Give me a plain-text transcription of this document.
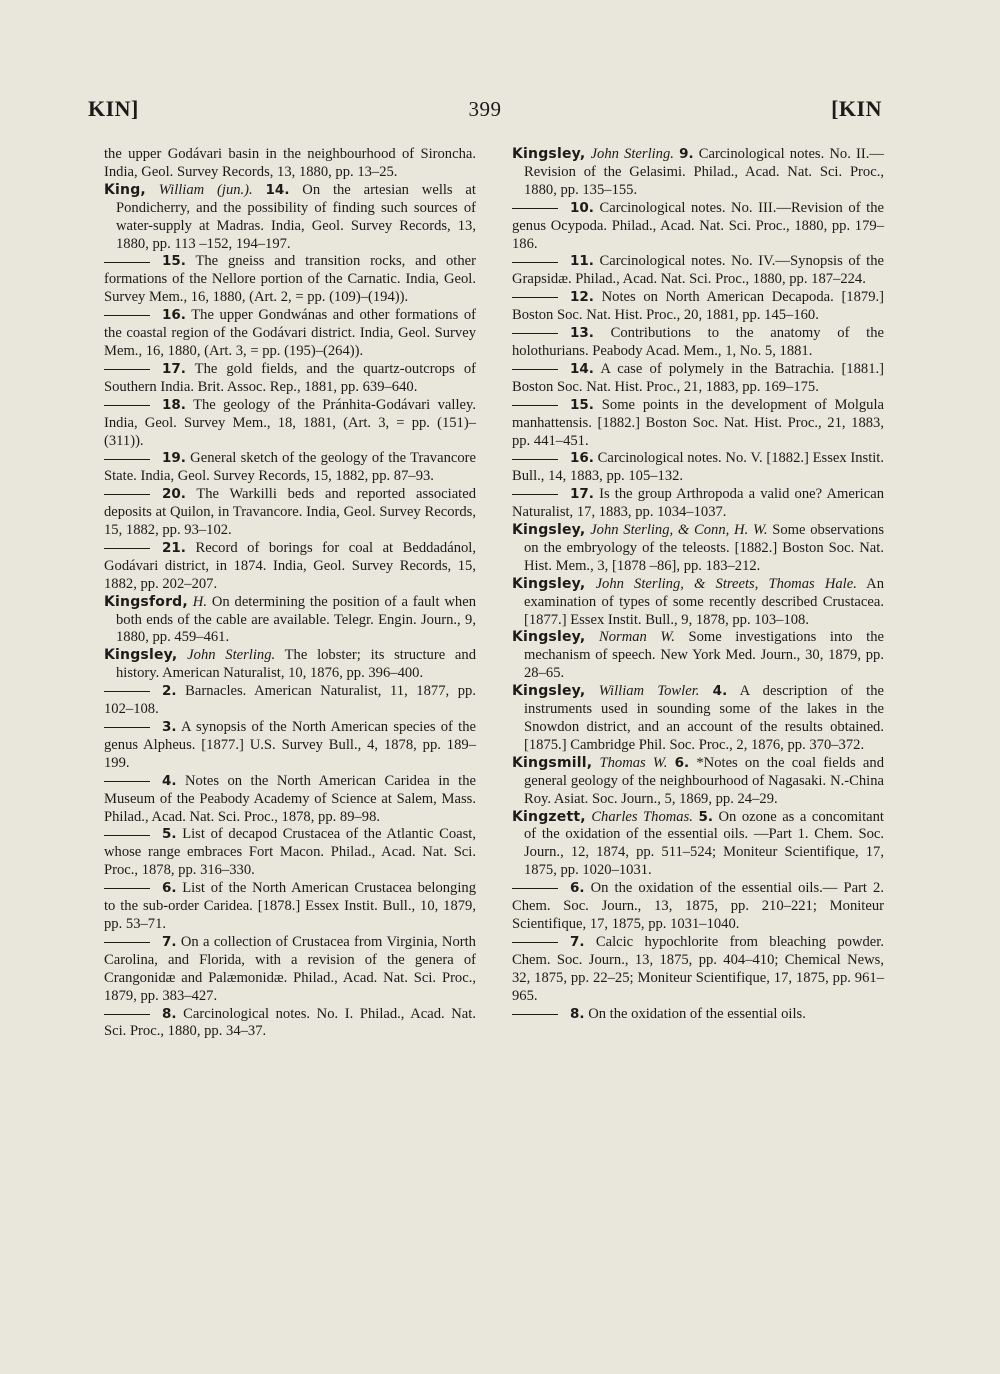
KIN]	399	[KIN

the upper Godávari basin in the neighbourhood of Sironcha. India, Geol. Survey Records, 13, 1880, pp. 13–25.

King, William (jun.). 14. On the artesian wells at Pondicherry, and the possibility of finding such sources of water-supply at Madras. India, Geol. Survey Records, 13, 1880, pp. 113 –152, 194–197.

15. The gneiss and transition rocks, and other formations of the Nellore portion of the Carnatic. India, Geol. Survey Mem., 16, 1880, (Art. 2, = pp. (109)–(194)).

16. The upper Gondwánas and other formations of the coastal region of the Godávari district. India, Geol. Survey Mem., 16, 1880, (Art. 3, = pp. (195)–(264)).

17. The gold fields, and the quartz-outcrops of Southern India. Brit. Assoc. Rep., 1881, pp. 639–640.

18. The geology of the Pránhita-Godávari valley. India, Geol. Survey Mem., 18, 1881, (Art. 3, = pp. (151)–(311)).

19. General sketch of the geology of the Travancore State. India, Geol. Survey Records, 15, 1882, pp. 87–93.

20. The Warkilli beds and reported associated deposits at Quilon, in Travancore. India, Geol. Survey Records, 15, 1882, pp. 93–102.

21. Record of borings for coal at Beddadánol, Godávari district, in 1874. India, Geol. Survey Records, 15, 1882, pp. 202–207.

Kingsford, H. On determining the position of a fault when both ends of the cable are available. Telegr. Engin. Journ., 9, 1880, pp. 459–461.

Kingsley, John Sterling. The lobster; its structure and history. American Naturalist, 10, 1876, pp. 396–400.

2. Barnacles. American Naturalist, 11, 1877, pp. 102–108.

3. A synopsis of the North American species of the genus Alpheus. [1877.] U.S. Survey Bull., 4, 1878, pp. 189–199.

4. Notes on the North American Caridea in the Museum of the Peabody Academy of Science at Salem, Mass. Philad., Acad. Nat. Sci. Proc., 1878, pp. 89–98.

5. List of decapod Crustacea of the Atlantic Coast, whose range embraces Fort Macon. Philad., Acad. Nat. Sci. Proc., 1878, pp. 316–330.

6. List of the North American Crustacea belonging to the sub-order Caridea. [1878.] Essex Instit. Bull., 10, 1879, pp. 53–71.

7. On a collection of Crustacea from Virginia, North Carolina, and Florida, with a revision of the genera of Crangonidæ and Palæmonidæ. Philad., Acad. Nat. Sci. Proc., 1879, pp. 383–427.

8. Carcinological notes. No. I. Philad., Acad. Nat. Sci. Proc., 1880, pp. 34–37.

Kingsley, John Sterling. 9. Carcinological notes. No. II.—Revision of the Gelasimi. Philad., Acad. Nat. Sci. Proc., 1880, pp. 135–155.

10. Carcinological notes. No. III.—Revision of the genus Ocypoda. Philad., Acad. Nat. Sci. Proc., 1880, pp. 179–186.

11. Carcinological notes. No. IV.—Synopsis of the Grapsidæ. Philad., Acad. Nat. Sci. Proc., 1880, pp. 187–224.

12. Notes on North American Decapoda. [1879.] Boston Soc. Nat. Hist. Proc., 20, 1881, pp. 145–160.

13. Contributions to the anatomy of the holothurians. Peabody Acad. Mem., 1, No. 5, 1881.

14. A case of polymely in the Batrachia. [1881.] Boston Soc. Nat. Hist. Proc., 21, 1883, pp. 169–175.

15. Some points in the development of Molgula manhattensis. [1882.] Boston Soc. Nat. Hist. Proc., 21, 1883, pp. 441–451.

16. Carcinological notes. No. V. [1882.] Essex Instit. Bull., 14, 1883, pp. 105–132.

17. Is the group Arthropoda a valid one? American Naturalist, 17, 1883, pp. 1034–1037.

Kingsley, John Sterling, & Conn, H. W. Some observations on the embryology of the teleosts. [1882.] Boston Soc. Nat. Hist. Mem., 3, [1878 –86], pp. 183–212.

Kingsley, John Sterling, & Streets, Thomas Hale. An examination of types of some recently described Crustacea. [1877.] Essex Instit. Bull., 9, 1878, pp. 103–108.

Kingsley, Norman W. Some investigations into the mechanism of speech. New York Med. Journ., 30, 1879, pp. 28–65.

Kingsley, William Towler. 4. A description of the instruments used in sounding some of the lakes in the Snowdon district, and an account of the results obtained. [1875.] Cambridge Phil. Soc. Proc., 2, 1876, pp. 370–372.

Kingsmill, Thomas W. 6. *Notes on the coal fields and general geology of the neighbourhood of Nagasaki. N.-China Roy. Asiat. Soc. Journ., 5, 1869, pp. 24–29.

Kingzett, Charles Thomas. 5. On ozone as a concomitant of the oxidation of the essential oils. —Part 1. Chem. Soc. Journ., 12, 1874, pp. 511–524; Moniteur Scientifique, 17, 1875, pp. 1020–1031.

6. On the oxidation of the essential oils.— Part 2. Chem. Soc. Journ., 13, 1875, pp. 210–221; Moniteur Scientifique, 17, 1875, pp. 1031–1040.

7. Calcic hypochlorite from bleaching powder. Chem. Soc. Journ., 13, 1875, pp. 404–410; Chemical News, 32, 1875, pp. 22–25; Moniteur Scientifique, 17, 1875, pp. 961–965.

8. On the oxidation of the essential oils.
